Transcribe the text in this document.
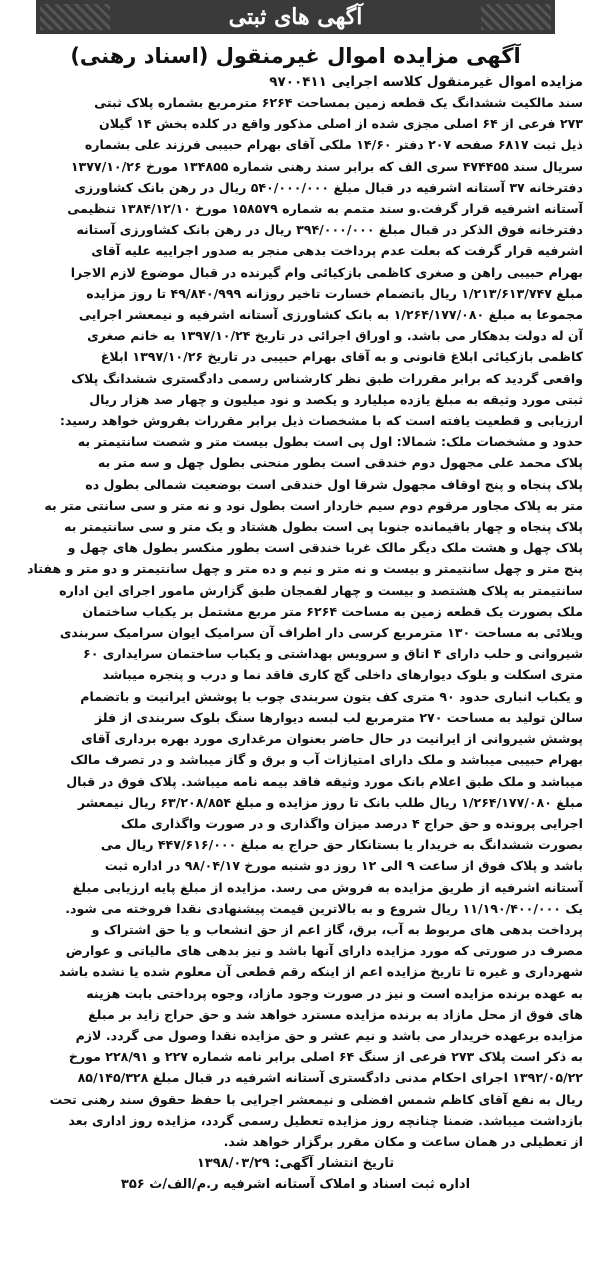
آگهی های ثبتی
آگهی مزایده اموال غیرمنقول (اسناد رهنی)
مزایده اموال غیرمنقول کلاسه اجرایی ۹۷۰۰۴۱۱
سند مالکیت ششدانگ یک قطعه زمین بمساحت ۶۲۶۴ مترمربع بشماره پلاک ثبتی
۲۷۳ فرعی از ۶۴ اصلی مجزی شده از اصلی مذکور واقع در کلده بخش ۱۴ گیلان
ذیل ثبت ۶۸۱۷ صفحه ۲۰۷ دفتر ۱۴/۶۰ ملکی آقای بهرام حبیبی فرزند علی بشماره
سریال سند ۴۷۴۴۵۵ سری الف که برابر سند رهنی شماره ۱۳۴۸۵۵ مورخ ۱۳۷۷/۱۰/۲۶
دفترخانه ۳۷ آستانه اشرفیه در قبال مبلغ ۵۴۰/۰۰۰/۰۰۰ ریال در رهن بانک کشاورزی
آستانه اشرفیه قرار گرفت.و سند متمم به شماره ۱۵۸۵۷۹ مورخ ۱۳۸۴/۱۲/۱۰ تنظیمی
دفترخانه فوق الذکر در قبال مبلغ ۳۹۴/۰۰۰/۰۰۰ ریال در رهن بانک کشاورزی آستانه
اشرفیه قرار گرفت که بعلت عدم پرداخت بدهی منجر به صدور اجراییه علیه آقای
بهرام حبیبی راهن و صغری کاظمی بازکیائی وام گیرنده در قبال موضوع لازم الاجرا
مبلغ ۱/۲۱۳/۶۱۳/۷۴۷ ریال باتضمام خسارت تاخیر روزانه ۴۹/۸۴۰/۹۹۹ تا روز مزایده
مجموعا به مبلغ ۱/۲۶۴/۱۷۷/۰۸۰ به بانک کشاورزی آستانه اشرفیه و نیمعشر اجرایی
آن له دولت بدهکار می باشد. و اوراق اجرائی در تاریخ ۱۳۹۷/۱۰/۲۴ به خانم صغری
کاظمی بازکیائی ابلاغ قانونی و به آقای بهرام حبیبی در تاریخ ۱۳۹۷/۱۰/۲۶ ابلاغ
واقعی گردید که برابر مقررات طبق نظر کارشناس رسمی دادگستری ششدانگ پلاک
ثبتی مورد وثیقه به مبلغ یازده میلیارد و یکصد و نود میلیون و چهار صد هزار ریال
ارزیابی و قطعیت یافته است که با مشخصات ذیل برابر مقررات بفروش خواهد رسید:
حدود و مشخصات ملک: شمالا: اول پی است بطول بیست متر و شصت سانتیمتر به
پلاک محمد علی مجهول دوم خندقی است بطور منحنی بطول چهل و سه متر به
پلاک پنجاه و پنج اوقاف مجهول شرقا اول خندقی است بوضعیت شمالی بطول ده
متر به پلاک مجاور مرقوم دوم سیم خاردار است بطول نود و نه متر و سی سانتی متر به
پلاک پنجاه و چهار باقیمانده جنوبا پی است بطول هشتاد و یک متر و سی سانتیمتر به
پلاک چهل و هشت ملک دیگر مالک غربا خندقی است بطور منکسر بطول های چهل و
پنج متر و چهل سانتیمتر و بیست و نه متر و نیم و ده متر و چهل سانتیمتر و دو متر و هفتاد
سانتیمتر به پلاک هشتصد و بیست و چهار لفمجان طبق گزارش مامور اجرای این اداره
ملک بصورت یک قطعه زمین به مساحت ۶۲۶۴ متر مربع مشتمل بر یکباب ساختمان
ویلائی به مساحت ۱۳۰ مترمربع کرسی دار اطراف آن سرامیک ایوان سرامیک سربندی
شیروانی و حلب دارای ۴ اتاق و سرویس بهداشتی و یکباب ساختمان سرایداری ۶۰
متری اسکلت و بلوک دیوارهای داخلی گچ کاری فاقد نما و درب و پنجره میباشد
و یکباب انباری حدود ۹۰ متری کف بتون سربندی چوب با پوشش ایرانیت و باتضمام
سالن تولید به مساحت ۲۷۰ مترمربع لب لبسه دیوارها سنگ بلوک سربندی از فلز
پوشش شیروانی از ایرانیت در حال حاضر بعنوان مرغداری مورد بهره برداری آقای
بهرام حبیبی میباشد و ملک دارای امتیازات آب و برق و گاز میباشد و در تصرف مالک
میباشد و ملک طبق اعلام بانک مورد وثیقه فاقد بیمه نامه میباشد. پلاک فوق در قبال
مبلغ ۱/۲۶۴/۱۷۷/۰۸۰ ریال طلب بانک تا روز مزایده و مبلغ ۶۳/۲۰۸/۸۵۴ ریال نیمعشر
اجرایی پرونده و حق حراج ۴ درصد میزان واگذاری و در صورت واگذاری ملک
بصورت ششدانگ به خریدار یا بستانکار حق حراج به مبلغ ۴۴۷/۶۱۶/۰۰۰ ریال می
باشد و پلاک فوق از ساعت ۹ الی ۱۲ روز دو شنبه مورخ ۹۸/۰۴/۱۷ در اداره ثبت
آستانه اشرفیه از طریق مزایده به فروش می رسد. مزایده از مبلغ پایه ارزیابی مبلغ
یک ۱۱/۱۹۰/۴۰۰/۰۰۰ ریال شروع و به بالاترین قیمت پیشنهادی نقدا فروخته می شود.
پرداخت بدهی های مربوط به آب، برق، گاز اعم از حق انشعاب و یا حق اشتراک و
مصرف در صورتی که مورد مزایده دارای آنها باشد و نیز بدهی های مالیاتی و عوارض
شهرداری و غیره تا تاریخ مزایده اعم از اینکه رقم قطعی آن معلوم شده یا نشده باشد
به عهده برنده مزایده است و نیز در صورت وجود مازاد، وجوه پرداختی بابت هزینه
های فوق از محل مازاد به برنده مزایده مسترد خواهد شد و حق حراج زاید بر مبلغ
مزایده برعهده خریدار می باشد و نیم عشر و حق مزایده نقدا وصول می گردد. لازم
به ذکر است پلاک ۲۷۳ فرعی از سنگ ۶۴ اصلی برابر نامه شماره ۲۲۷ و ۲۲۸/۹۱ مورخ
۱۳۹۲/۰۵/۲۲ اجرای احکام مدنی دادگستری آستانه اشرفیه در قبال مبلغ ۸۵/۱۴۵/۳۲۸
ریال به نفع آقای کاظم شمس افضلی و نیمعشر اجرایی با حفظ حقوق سند رهنی تحت
بازداشت میباشد. ضمنا چنانچه روز مزایده تعطیل رسمی گردد، مزایده روز اداری بعد
از تعطیلی در همان ساعت و مکان مقرر برگزار خواهد شد.
تاریخ انتشار آگهی: ۱۳۹۸/۰۳/۲۹
اداره ثبت اسناد و املاک آستانه اشرفیه ر.م/الف/ث ۳۵۶
